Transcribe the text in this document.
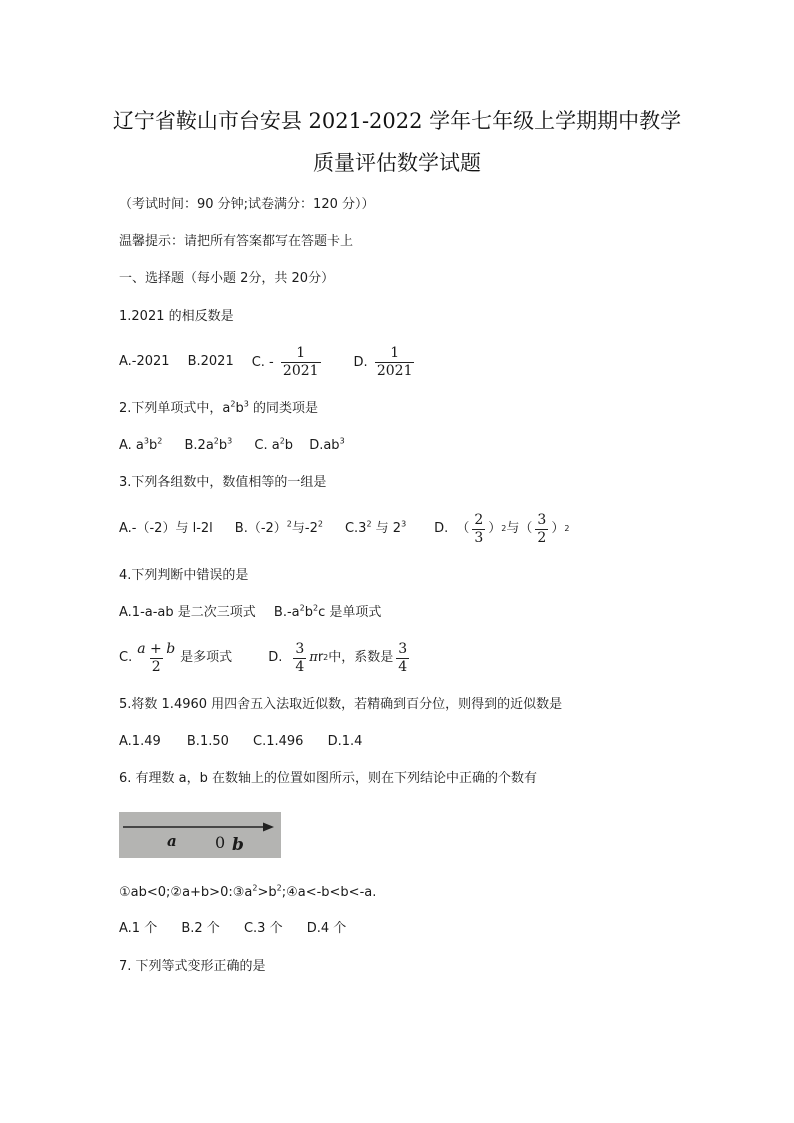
辽宁省鞍山市台安县 2021-2022 学年七年级上学期期中教学
质量评估数学试题
（考试时间：90 分钟;试卷满分：120 分））
温馨提示：请把所有答案都写在答题卡上
一、选择题（每小题 2分，共 20分）
1.2021 的相反数是
A.-2021 B.2021 C. - $\frac{1}{2021}$	D. $\frac{1}{2021}$
2.下列单项式中，$a^2b^3$ 的同类项是
A. $a^3b^2$ $B.2a^2b^3$ C. $a^2b$ $D.ab^3$
3.下列各组数中，数值相等的一组是
A.-（-2）与 l-2l $B.(-2)^2$与$-2^2$ $C.3^2$ 与 $2^3$ D. （ $\frac{2}{3}$ ） 2 与（ $\frac{3}{2}$ ） 2
4.下列判断中错误的是
A.1-a-ab 是二次三项式 $B.-a^2b^2c$ 是单项式
C. $\frac{a + b}{2}$ 是多项式	D. $\frac{3}{4}$ π r 2 中，系数是 $\frac{3}{4}$
5.将数 1.4960 用四舍五入法取近似数，若精确到百分位，则得到的近似数是
A.1.49 B.1.50 C.1.496 D.1.4
6. 有理数 a，b 在数轴上的位置如图所示，则在下列结论中正确的个数有
a 0 b
$①ab<0;②a+b>0:③a^2>b^2;④a<-b<b<-a$.
A.1 个 B.2 个 C.3 个 D.4 个
7. 下列等式变形正确的是
